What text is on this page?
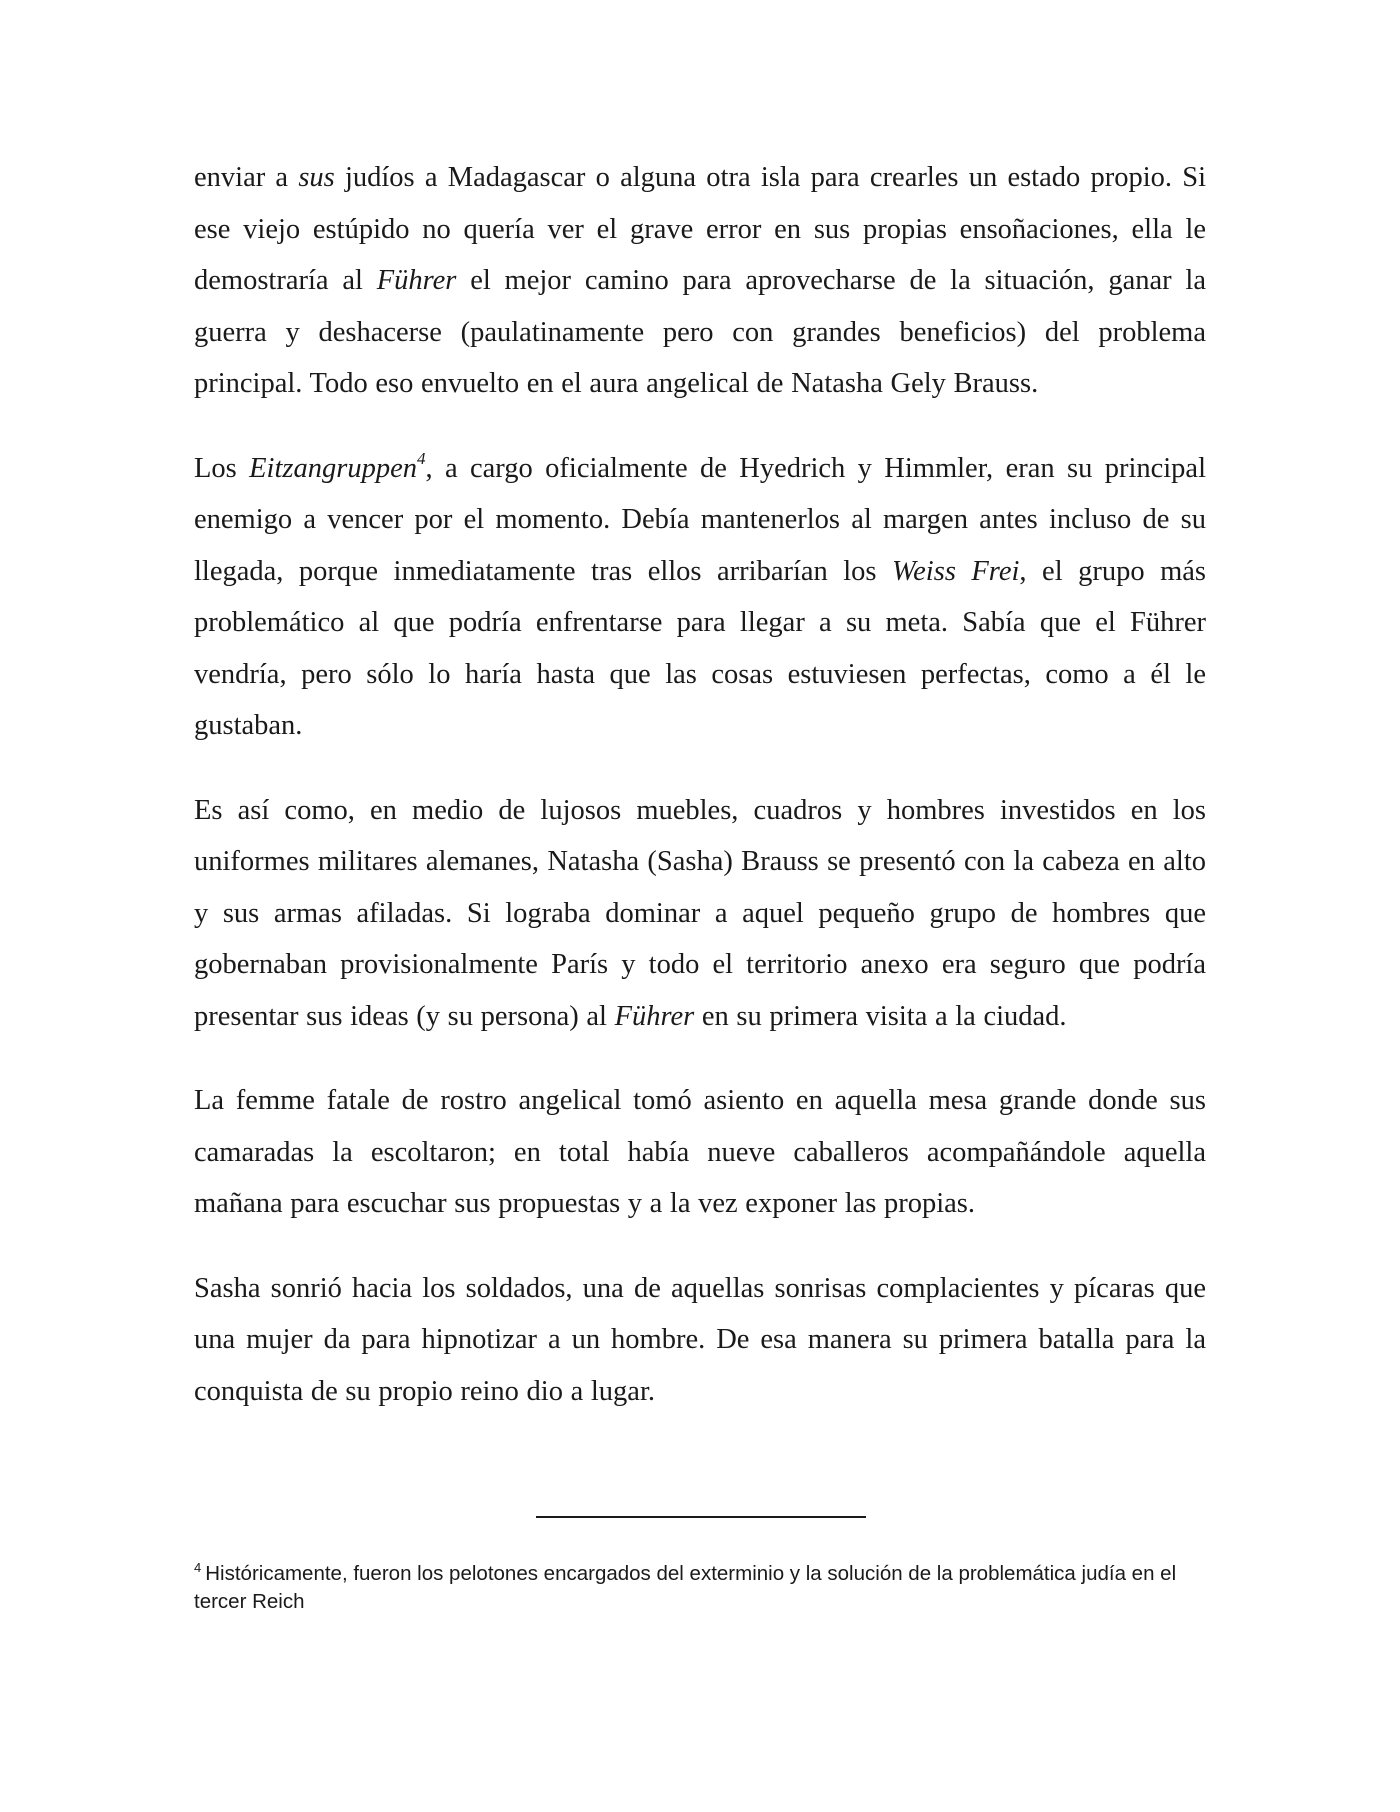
enviar a sus judíos a Madagascar o alguna otra isla para crearles un estado propio. Si ese viejo estúpido no quería ver el grave error en sus propias ensoñaciones, ella le demostraría al Führer el mejor camino para aprovecharse de la situación, ganar la guerra y deshacerse (paulatinamente pero con grandes beneficios) del problema principal. Todo eso envuelto en el aura angelical de Natasha Gely Brauss.

Los Eitzangruppen$^4$, a cargo oficialmente de Hyedrich y Himmler, eran su principal enemigo a vencer por el momento. Debía mantenerlos al margen antes incluso de su llegada, porque inmediatamente tras ellos arribarían los Weiss Frei, el grupo más problemático al que podría enfrentarse para llegar a su meta. Sabía que el Führer vendría, pero sólo lo haría hasta que las cosas estuviesen perfectas, como a él le gustaban.

Es así como, en medio de lujosos muebles, cuadros y hombres investidos en los uniformes militares alemanes, Natasha (Sasha) Brauss se presentó con la cabeza en alto y sus armas afiladas. Si lograba dominar a aquel pequeño grupo de hombres que gobernaban provisionalmente París y todo el territorio anexo era seguro que podría presentar sus ideas (y su persona) al Führer en su primera visita a la ciudad.

La femme fatale de rostro angelical tomó asiento en aquella mesa grande donde sus camaradas la escoltaron; en total había nueve caballeros acompañándole aquella mañana para escuchar sus propuestas y a la vez exponer las propias.

Sasha sonrió hacia los soldados, una de aquellas sonrisas complacientes y pícaras que una mujer da para hipnotizar a un hombre. De esa manera su primera batalla para la conquista de su propio reino dio a lugar.

$^4$ Históricamente, fueron los pelotones encargados del exterminio y la solución de la problemática judía en el tercer Reich
